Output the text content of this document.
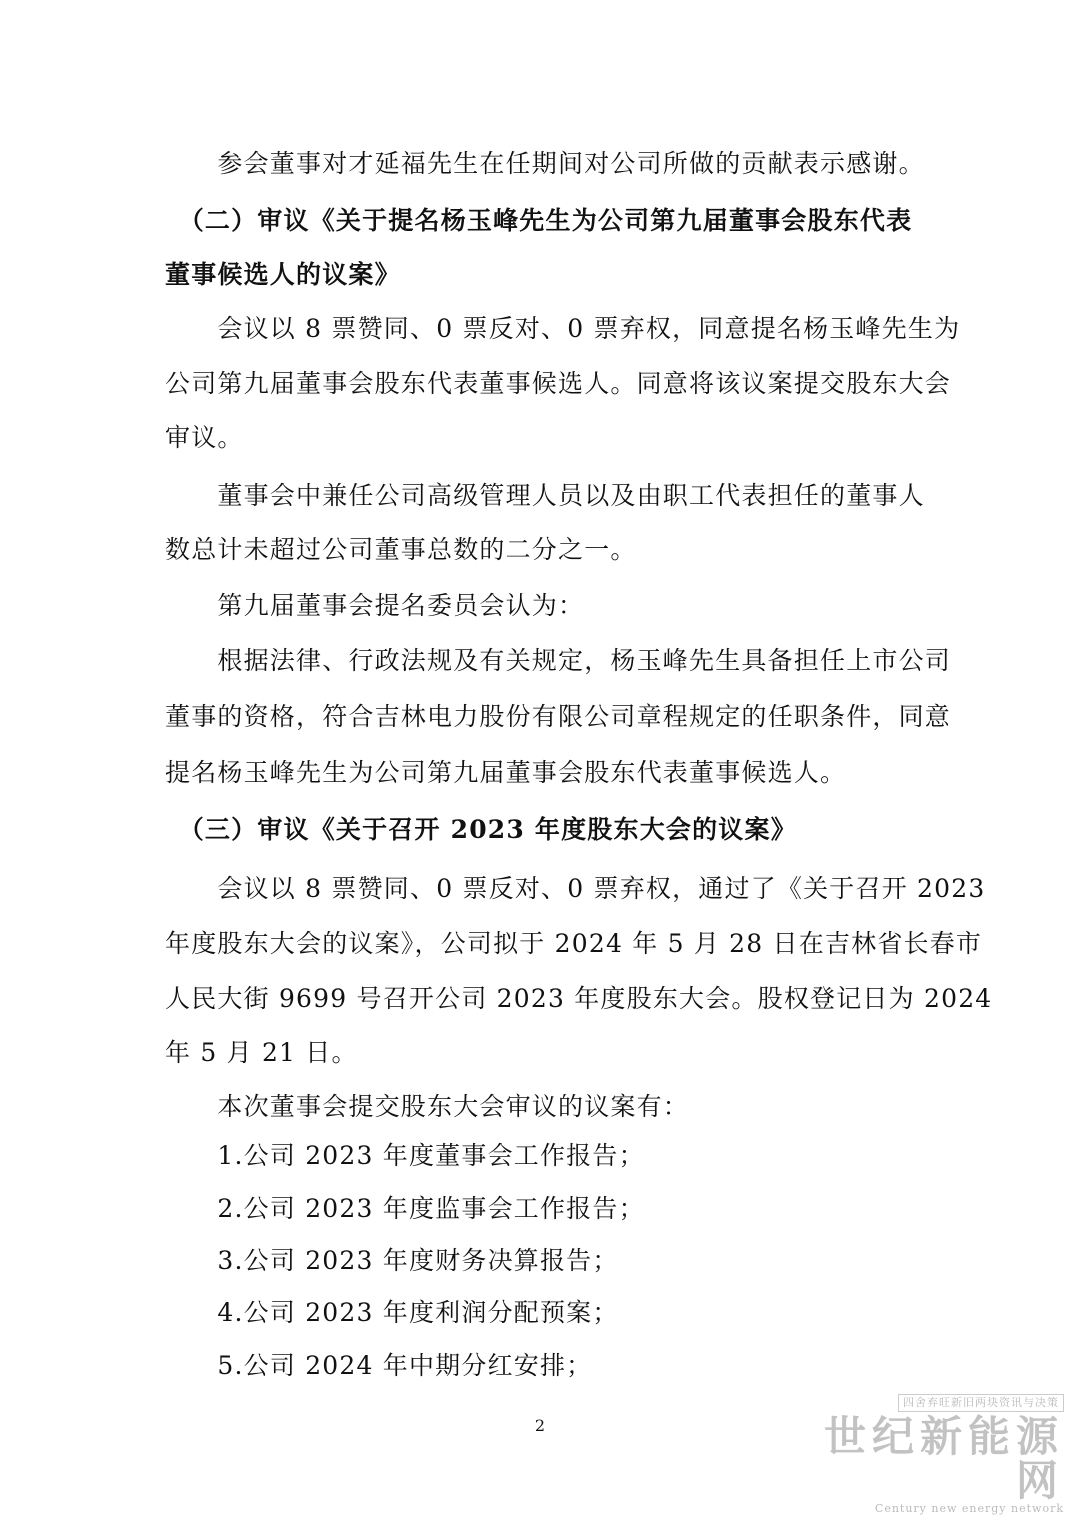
　　参会董事对才延福先生在任期间对公司所做的贡献表示感谢。
　（二）审议《关于提名杨玉峰先生为公司第九届董事会股东代表
董事候选人的议案》
　　会议以 8 票赞同、0 票反对、0 票弃权，同意提名杨玉峰先生为
公司第九届董事会股东代表董事候选人。同意将该议案提交股东大会
审议。
　　董事会中兼任公司高级管理人员以及由职工代表担任的董事人
数总计未超过公司董事总数的二分之一。
　　第九届董事会提名委员会认为：
　　根据法律、行政法规及有关规定，杨玉峰先生具备担任上市公司
董事的资格，符合吉林电力股份有限公司章程规定的任职条件，同意
提名杨玉峰先生为公司第九届董事会股东代表董事候选人。
　（三）审议《关于召开 2023 年度股东大会的议案》
　　会议以 8 票赞同、0 票反对、0 票弃权，通过了《关于召开 2023
年度股东大会的议案》，公司拟于 2024 年 5 月 28 日在吉林省长春市
人民大街 9699 号召开公司 2023 年度股东大会。股权登记日为 2024
年 5 月 21 日。
　　本次董事会提交股东大会审议的议案有：
　　1.公司 2023 年度董事会工作报告；
　　2.公司 2023 年度监事会工作报告；
　　3.公司 2023 年度财务决算报告；
　　4.公司 2023 年度利润分配预案；
　　5.公司 2024 年中期分红安排；
2
四舍弃旺新旧两块资讯与决策
世纪新能源网
Century new energy network
